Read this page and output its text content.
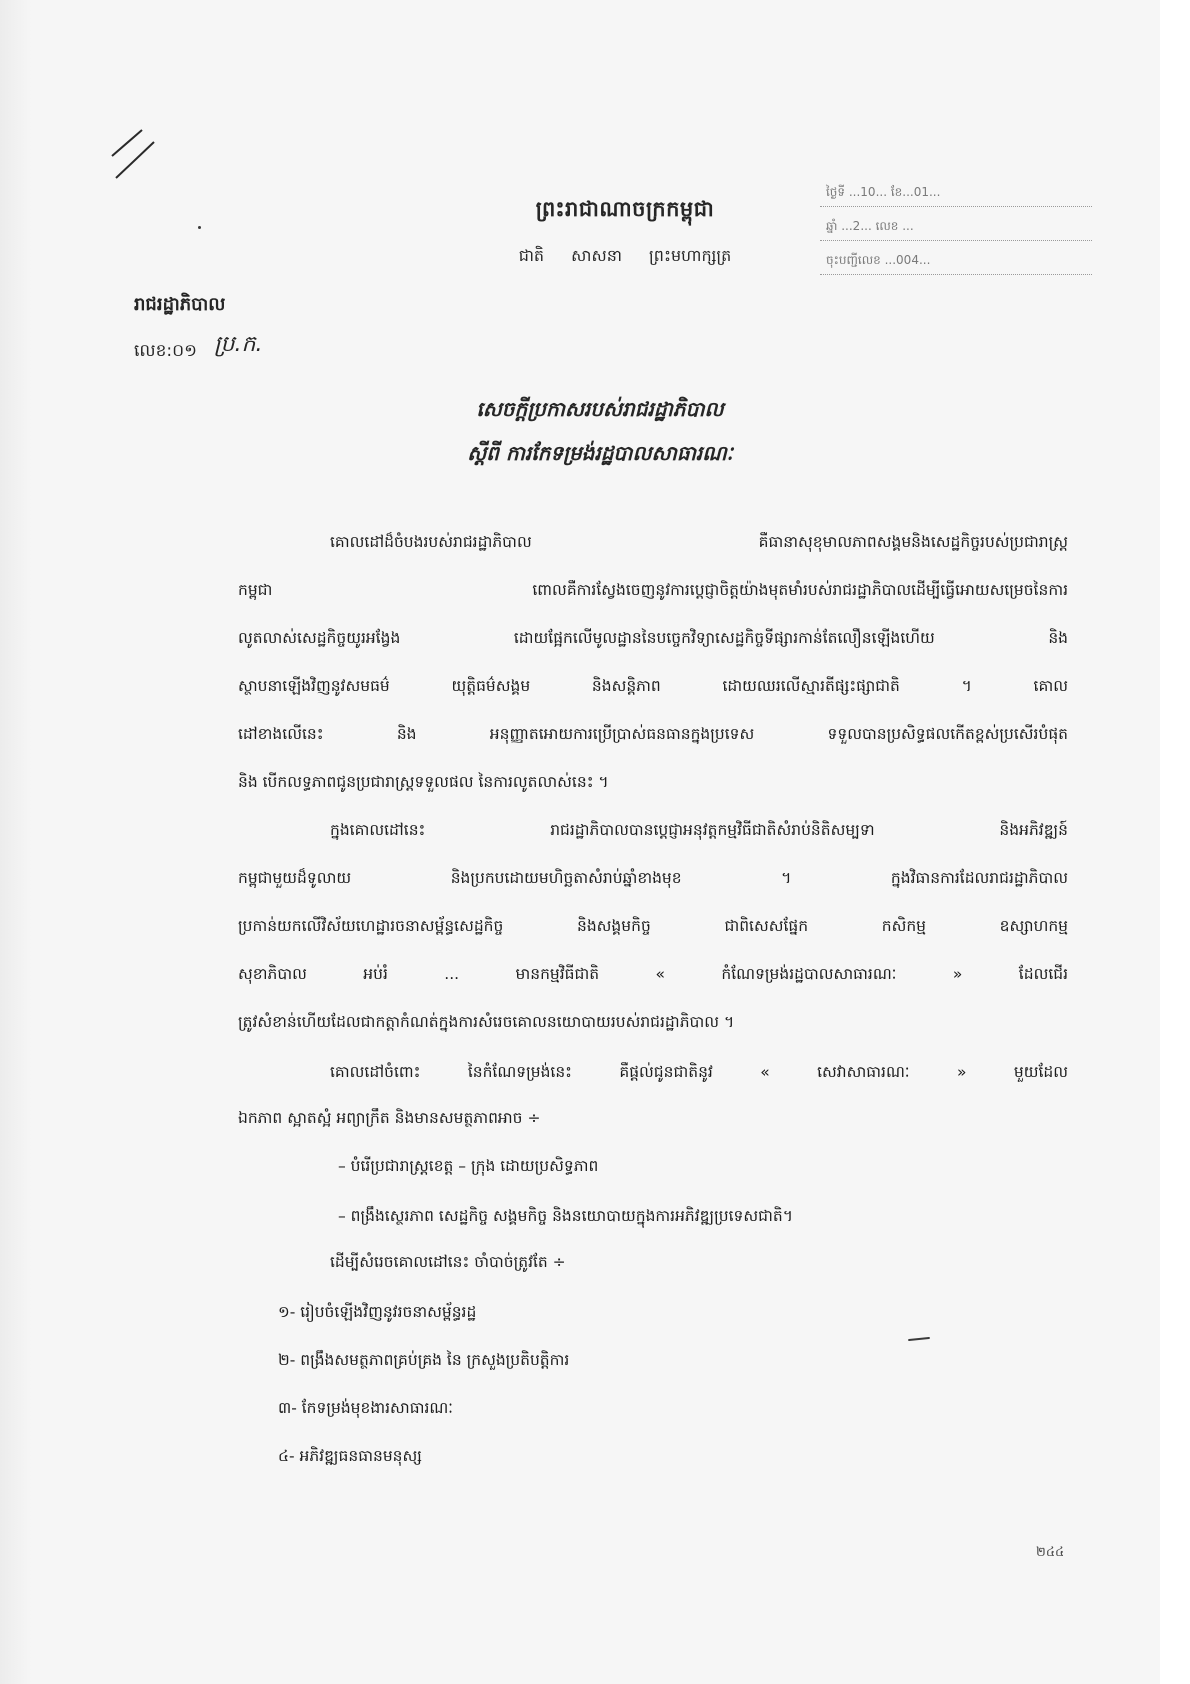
ព្រះរាជាណាចក្រកម្ពុជា
ជាតិ សាសនា ព្រះមហាក្សត្រ
ថ្ងៃទី ...10... ខែ...01...
ឆ្នាំ ...2... លេខ ...
ចុះបញ្ជីលេខ ...004...
រាជរដ្ឋាភិបាល
លេខ:០១ ប្រ.ក.
សេចក្តីប្រកាសរបស់រាជរដ្ឋាភិបាល
ស្តីពី ការកែទម្រង់រដ្ឋបាលសាធារណៈ
គោលដៅដ៏ចំបងរបស់រាជរដ្ឋាភិបាល គឺធានាសុខុមាលភាពសង្គមនិងសេដ្ឋកិច្ចរបស់ប្រជារាស្ត្រ
កម្ពុជា ពោលគឺការស្វែងចេញនូវការប្តេជ្ញាចិត្តយ៉ាងមុតមាំរបស់រាជរដ្ឋាភិបាលដើម្បីធ្វើអោយសម្រេចនៃការ
លូតលាស់សេដ្ឋកិច្ចយូរអង្វែង ដោយផ្អែកលើមូលដ្ឋាននៃបច្ចេកវិទ្យាសេដ្ឋកិច្ចទីផ្សារកាន់តែលឿនឡើងហើយ និង
ស្ថាបនាឡើងវិញនូវសមធម៌ យុត្តិធម៌សង្គម និងសន្តិភាព ដោយឈរលើស្មារតីផ្សះផ្សាជាតិ ។ គោល
ដៅខាងលើនេះ និង អនុញ្ញាតអោយការប្រើប្រាស់ធនធានក្នុងប្រទេស ទទួលបានប្រសិទ្ធផលកើតខ្ពស់ប្រសើរបំផុត
និង បើកលទ្ធភាពជូនប្រជារាស្ត្រទទួលផល នៃការលូតលាស់នេះ ។
ក្នុងគោលដៅនេះ រាជរដ្ឋាភិបាលបានប្តេជ្ញាអនុវត្តកម្មវិធីជាតិសំរាប់និតិសម្បទា និងអភិវឌ្ឍន៍
កម្ពុជាមួយដ៏ទូលាយ និងប្រកបដោយមហិច្ឆតាសំរាប់ឆ្នាំខាងមុខ ។ ក្នុងវិធានការដែលរាជរដ្ឋាភិបាល
ប្រកាន់យកលើវិស័យហេដ្ឋារចនាសម្ព័ន្ធសេដ្ឋកិច្ច និងសង្គមកិច្ច ជាពិសេសផ្នែក កសិកម្ម ឧស្សាហកម្ម
សុខាភិបាល អប់រំ ... មានកម្មវិធីជាតិ « កំណែទម្រង់រដ្ឋបាលសាធារណៈ » ដែលជើរ
ត្រូវសំខាន់ហើយដែលជាកត្តាកំណត់ក្នុងការសំរេចគោលនយោបាយរបស់រាជរដ្ឋាភិបាល ។
គោលដៅចំពោះ នៃកំណែទម្រង់នេះ គឺផ្តល់ជូនជាតិនូវ « សេវាសាធារណៈ » មួយដែល
ឯកភាព ស្អាតស្អំ អព្យាក្រឹត និងមានសមត្ថភាពអាច ÷
– បំរើប្រជារាស្ត្រខេត្ត – ក្រុង ដោយប្រសិទ្ធភាព
– ពង្រឹងស្ថេរភាព សេដ្ឋកិច្ច សង្គមកិច្ច និងនយោបាយក្នុងការអភិវឌ្ឍប្រទេសជាតិ។
ដើម្បីសំរេចគោលដៅនេះ ចាំបាច់ត្រូវតែ ÷
១- រៀបចំឡើងវិញនូវរចនាសម្ព័ន្ធរដ្ឋ
២- ពង្រឹងសមត្ថភាពគ្រប់គ្រង នៃ ក្រសួងប្រតិបត្តិការ
៣- កែទម្រង់មុខងារសាធារណៈ
៤- អភិវឌ្ឍធនធានមនុស្ស
២៤៤
